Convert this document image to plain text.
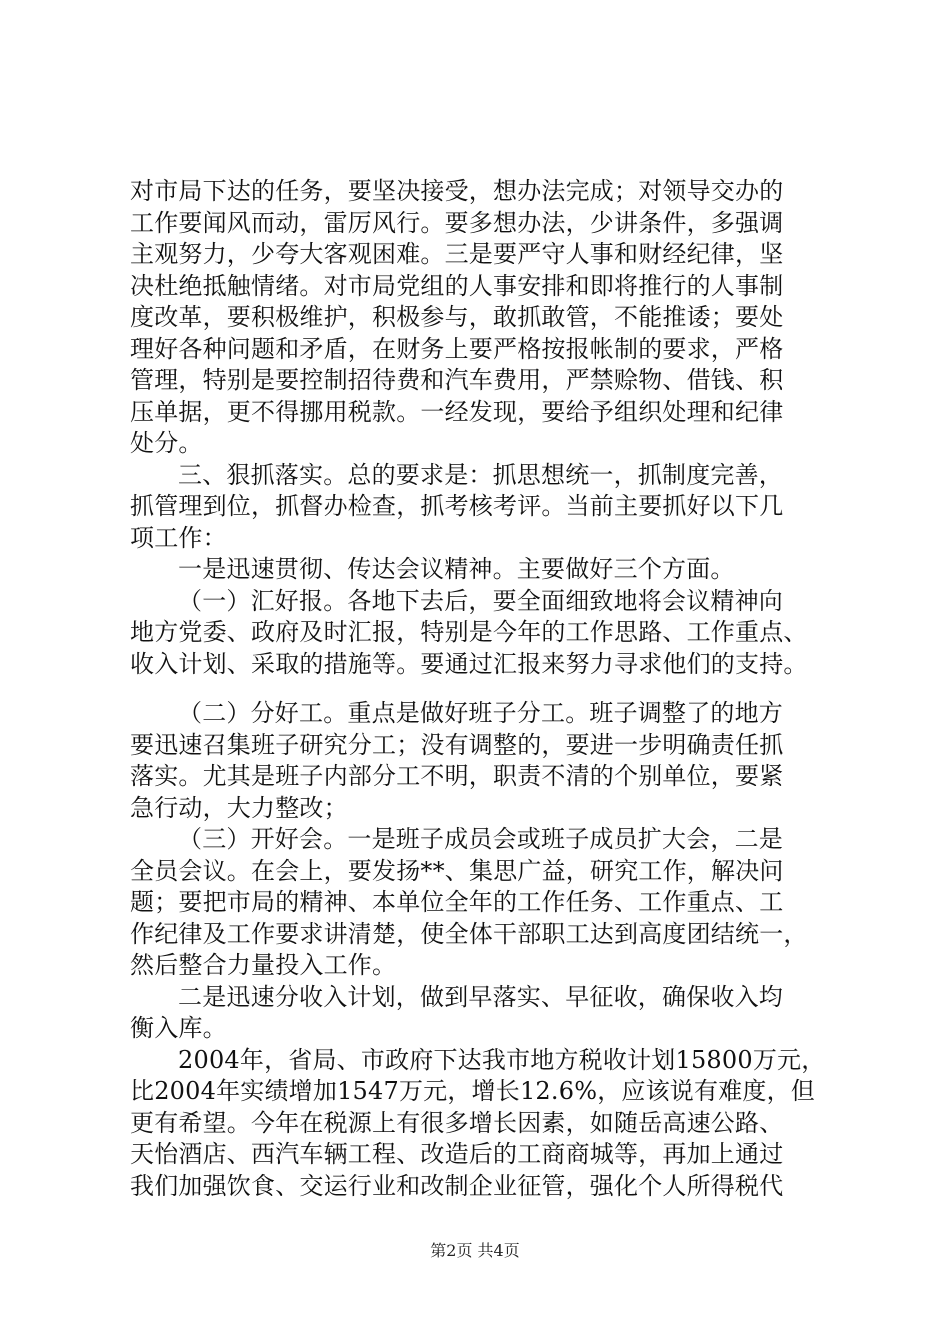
对市局下达的任务，要坚决接受，想办法完成；对领导交办的
工作要闻风而动，雷厉风行。要多想办法，少讲条件，多强调
主观努力，少夸大客观困难。三是要严守人事和财经纪律，坚
决杜绝抵触情绪。对市局党组的人事安排和即将推行的人事制
度改革，要积极维护，积极参与，敢抓敢管，不能推诿；要处
理好各种问题和矛盾，在财务上要严格按报帐制的要求，严格
管理，特别是要控制招待费和汽车费用，严禁赊物、借钱、积
压单据，更不得挪用税款。一经发现，要给予组织处理和纪律
处分。
三、狠抓落实。总的要求是：抓思想统一，抓制度完善，
抓管理到位，抓督办检查，抓考核考评。当前主要抓好以下几
项工作：
一是迅速贯彻、传达会议精神。主要做好三个方面。
（一）汇好报。各地下去后，要全面细致地将会议精神向
地方党委、政府及时汇报，特别是今年的工作思路、工作重点、
收入计划、采取的措施等。要通过汇报来努力寻求他们的支持。
（二）分好工。重点是做好班子分工。班子调整了的地方
要迅速召集班子研究分工；没有调整的，要进一步明确责任抓
落实。尤其是班子内部分工不明，职责不清的个别单位，要紧
急行动，大力整改；
（三）开好会。一是班子成员会或班子成员扩大会，二是
全员会议。在会上，要发扬**、集思广益，研究工作，解决问
题；要把市局的精神、本单位全年的工作任务、工作重点、工
作纪律及工作要求讲清楚，使全体干部职工达到高度团结统一，
然后整合力量投入工作。
二是迅速分收入计划，做到早落实、早征收，确保收入均
衡入库。
2004年，省局、市政府下达我市地方税收计划15800万元，
第2页 共4页
比2004年实绩增加1547万元，增长12.6%，应该说有难度，但
更有希望。今年在税源上有很多增长因素，如随岳高速公路、
天怡酒店、西汽车辆工程、改造后的工商商城等，再加上通过
我们加强饮食、交运行业和改制企业征管，强化个人所得税代
